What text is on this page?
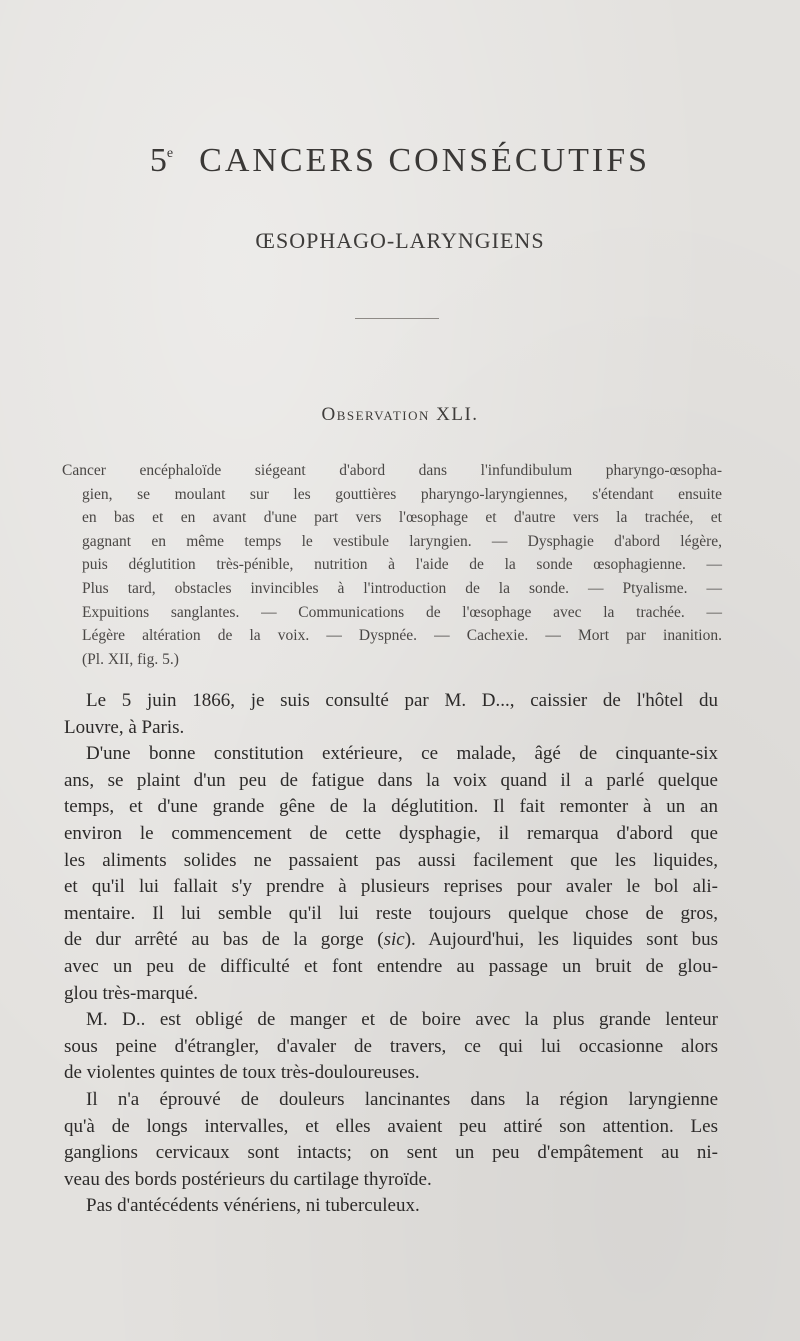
5e CANCERS CONSÉCUTIFS
ŒSOPHAGO-LARYNGIENS
Observation XLI.
Cancer encéphaloïde siégeant d'abord dans l'infundibulum pharyngo-œsopha-
gien, se moulant sur les gouttières pharyngo-laryngiennes, s'étendant ensuite
en bas et en avant d'une part vers l'œsophage et d'autre vers la trachée, et
gagnant en même temps le vestibule laryngien. — Dysphagie d'abord légère,
puis déglutition très-pénible, nutrition à l'aide de la sonde œsophagienne. —
Plus tard, obstacles invincibles à l'introduction de la sonde. — Ptyalisme. —
Expuitions sanglantes. — Communications de l'œsophage avec la trachée. —
Légère altération de la voix. — Dyspnée. — Cachexie. — Mort par inanition.
(Pl. XII, fig. 5.)
Le 5 juin 1866, je suis consulté par M. D..., caissier de l'hôtel du
Louvre, à Paris.
D'une bonne constitution extérieure, ce malade, âgé de cinquante-six
ans, se plaint d'un peu de fatigue dans la voix quand il a parlé quelque
temps, et d'une grande gêne de la déglutition. Il fait remonter à un an
environ le commencement de cette dysphagie, il remarqua d'abord que
les aliments solides ne passaient pas aussi facilement que les liquides,
et qu'il lui fallait s'y prendre à plusieurs reprises pour avaler le bol ali-
mentaire. Il lui semble qu'il lui reste toujours quelque chose de gros,
de dur arrêté au bas de la gorge (sic). Aujourd'hui, les liquides sont bus
avec un peu de difficulté et font entendre au passage un bruit de glou-
glou très-marqué.
M. D.. est obligé de manger et de boire avec la plus grande lenteur
sous peine d'étrangler, d'avaler de travers, ce qui lui occasionne alors
de violentes quintes de toux très-douloureuses.
Il n'a éprouvé de douleurs lancinantes dans la région laryngienne
qu'à de longs intervalles, et elles avaient peu attiré son attention. Les
ganglions cervicaux sont intacts; on sent un peu d'empâtement au ni-
veau des bords postérieurs du cartilage thyroïde.
Pas d'antécédents vénériens, ni tuberculeux.
